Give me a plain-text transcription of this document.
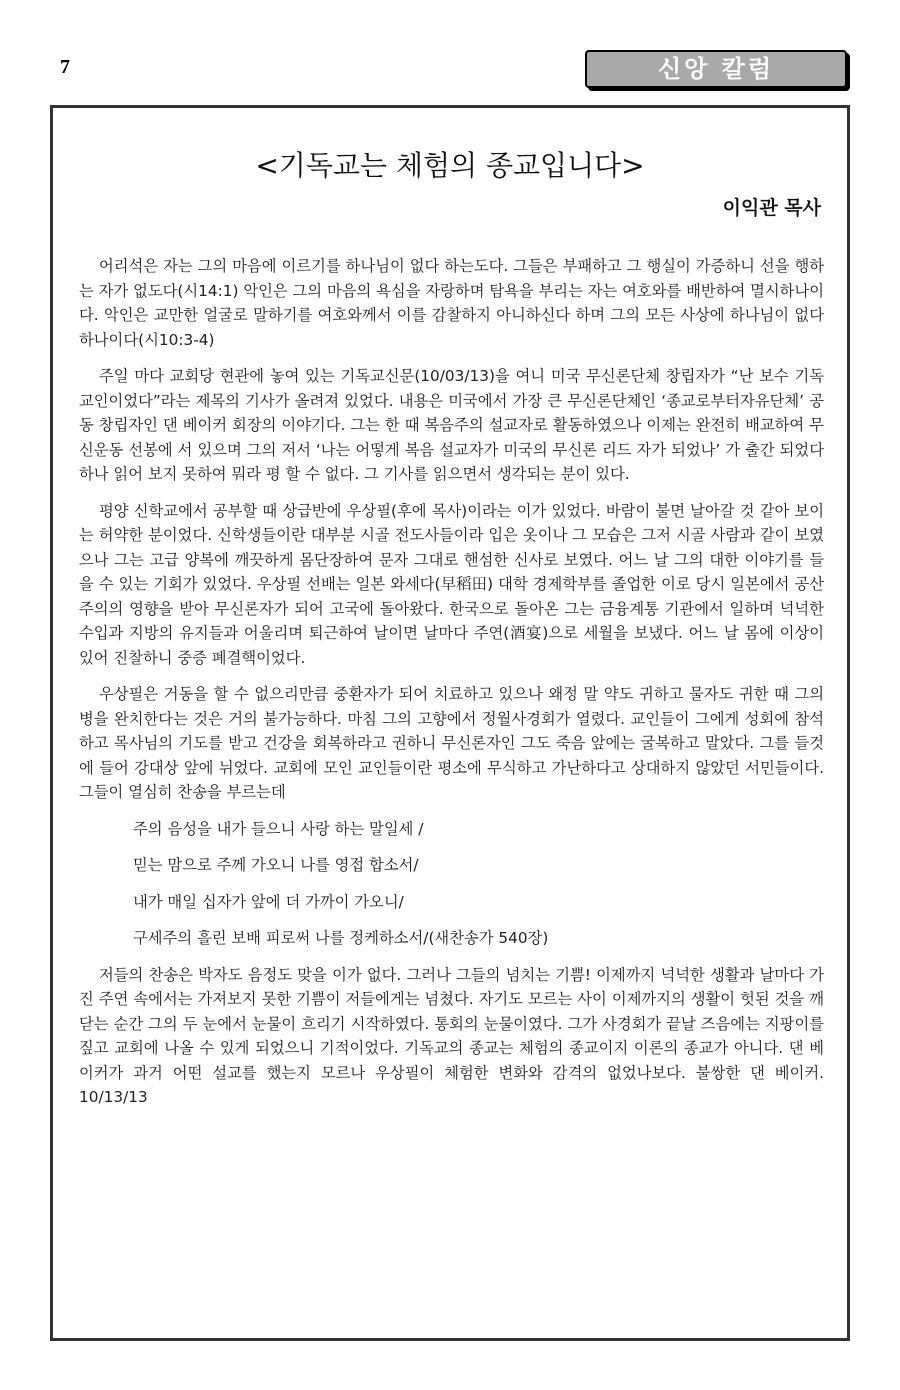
7	신앙 칼럼
<기독교는 체험의 종교입니다>
이익관 목사

어리석은 자는 그의 마음에 이르기를 하나님이 없다 하는도다. 그들은 부패하고 그 행실이 가증하니 선을 행하는 자가 없도다(시14:1) 악인은 그의 마음의 욕심을 자랑하며 탐욕을 부리는 자는 여호와를 배반하여 멸시하나이다. 악인은 교만한 얼굴로 말하기를 여호와께서 이를 감찰하지 아니하신다 하며 그의 모든 사상에 하나님이 없다 하나이다(시10:3-4)

주일 마다 교회당 현관에 놓여 있는 기독교신문(10/03/13)을 여니 미국 무신론단체 창립자가 “난 보수 기독교인이었다”라는 제목의 기사가 올려져 있었다. 내용은 미국에서 가장 큰 무신론단체인 ‘종교로부터자유단체’ 공동 창립자인 댄 베이커 회장의 이야기다. 그는 한 때 복음주의 설교자로 활동하였으나 이제는 완전히 배교하여 무신운동 선봉에 서 있으며 그의 저서 ‘나는 어떻게 복음 설교자가 미국의 무신론 리드 자가 되었나’ 가 출간 되었다하나 읽어 보지 못하여 뭐라 평 할 수 없다. 그 기사를 읽으면서 생각되는 분이 있다.

평양 신학교에서 공부할 때 상급반에 우상필(후에 목사)이라는 이가 있었다. 바람이 불면 날아갈 것 같아 보이는 허약한 분이었다. 신학생들이란 대부분 시골 전도사들이라 입은 옷이나 그 모습은 그저 시골 사람과 같이 보였으나 그는 고급 양복에 깨끗하게 몸단장하여 문자 그대로 핸섬한 신사로 보였다. 어느 날 그의 대한 이야기를 들을 수 있는 기회가 있었다. 우상필 선배는 일본 와세다(早稻田) 대학 경제학부를 졸업한 이로 당시 일본에서 공산주의의 영향을 받아 무신론자가 되어 고국에 돌아왔다. 한국으로 돌아온 그는 금융계통 기관에서 일하며 넉넉한 수입과 지방의 유지들과 어울리며 퇴근하여 날이면 날마다 주연(酒宴)으로 세월을 보냈다. 어느 날 몸에 이상이 있어 진찰하니 중증 폐결핵이었다.

우상필은 거동을 할 수 없으리만큼 중환자가 되어 치료하고 있으나 왜정 말 약도 귀하고 물자도 귀한 때 그의 병을 완치한다는 것은 거의 불가능하다. 마침 그의 고향에서 정월사경회가 열렸다. 교인들이 그에게 성회에 참석하고 목사님의 기도를 받고 건강을 회복하라고 권하니 무신론자인 그도 죽음 앞에는 굴복하고 말았다. 그를 들것에 들어 강대상 앞에 뉘었다. 교회에 모인 교인들이란 평소에 무식하고 가난하다고 상대하지 않았던 서민들이다. 그들이 열심히 찬송을 부르는데

주의 음성을 내가 들으니 사랑 하는 말일세 /

믿는 맘으로 주께 가오니 나를 영접 합소서/

내가 매일 십자가 앞에 더 가까이 가오니/

구세주의 흘린 보배 피로써 나를 정케하소서/(새찬송가 540장)

저들의 찬송은 박자도 음정도 맞을 이가 없다. 그러나 그들의 넘치는 기쁨! 이제까지 넉넉한 생활과 날마다 가진 주연 속에서는 가져보지 못한 기쁨이 저들에게는 넘쳤다. 자기도 모르는 사이 이제까지의 생활이 헛된 것을 깨닫는 순간 그의 두 눈에서 눈물이 흐리기 시작하였다. 통회의 눈물이였다. 그가 사경회가 끝날 즈음에는 지팡이를 짚고 교회에 나올 수 있게 되었으니 기적이었다. 기독교의 종교는 체험의 종교이지 이론의 종교가 아니다. 댄 베이커가 과거 어떤 설교를 했는지 모르나 우상필이 체험한 변화와 감격의 없었나보다. 불쌍한 댄 베이커. 10/13/13
